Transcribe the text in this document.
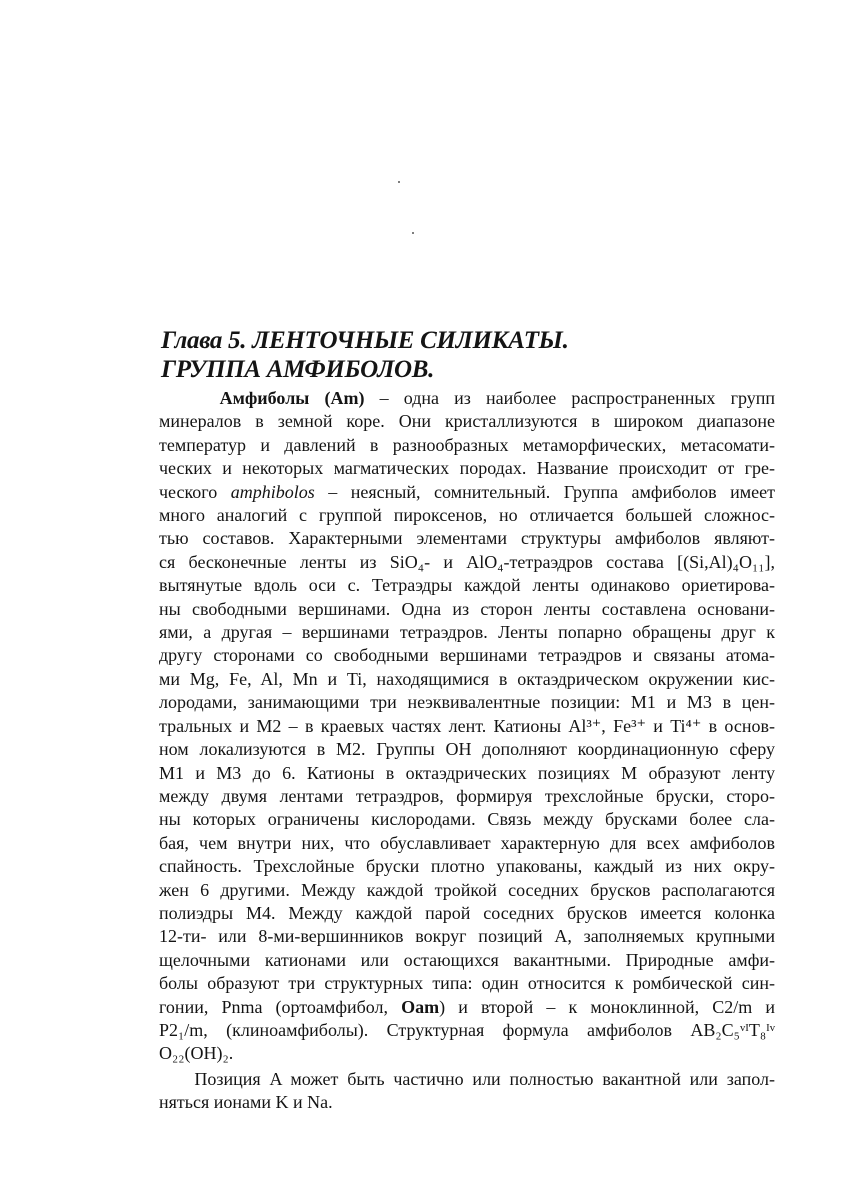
Глава 5. ЛЕНТОЧНЫЕ СИЛИКАТЫ.
ГРУППА АМФИБОЛОВ.

Амфиболы (Am) – одна из наиболее распространенных групп
минералов в земной коре. Они кристаллизуются в широком диапазоне
температур и давлений в разнообразных метаморфических, метасомати-
ческих и некоторых магматических породах. Название происходит от гре-
ческого amphibolos – неясный, сомнительный. Группа амфиболов имеет
много аналогий с группой пироксенов, но отличается большей сложнос-
тью составов. Характерными элементами структуры амфиболов являют-
ся бесконечные ленты из SiO₄- и AlO₄-тетраэдров состава [(Si,Al)₄O₁₁],
вытянутые вдоль оси c. Тетраэдры каждой ленты одинаково ориетирова-
ны свободными вершинами. Одна из сторон ленты составлена основани-
ями, а другая – вершинами тетраэдров. Ленты попарно обращены друг к
другу сторонами со свободными вершинами тетраэдров и связаны атома-
ми Mg, Fe, Al, Mn и Ti, находящимися в октаэдрическом окружении кис-
лородами, занимающими три неэквивалентные позиции: M1 и M3 в цен-
тральных и M2 – в краевых частях лент. Катионы Al³⁺, Fe³⁺ и Ti⁴⁺ в основ-
ном локализуются в M2. Группы OH дополняют координационную сферу
M1 и M3 до 6. Катионы в октаэдрических позициях M образуют ленту
между двумя лентами тетраэдров, формируя трехслойные бруски, сторо-
ны которых ограничены кислородами. Связь между брусками более сла-
бая, чем внутри них, что обуславливает характерную для всех амфиболов
спайность. Трехслойные бруски плотно упакованы, каждый из них окру-
жен 6 другими. Между каждой тройкой соседних брусков располагаются
полиэдры M4. Между каждой парой соседних брусков имеется колонка
12-ти- или 8-ми-вершинников вокруг позиций A, заполняемых крупными
щелочными катионами или остающихся вакантными. Природные амфи-
болы образуют три структурных типа: один относится к ромбической син-
гонии, Pnma (ортоамфибол, Oam) и второй – к моноклинной, C2/m и
P2₁/m, (клиноамфиболы). Структурная формула амфиболов AB₂C₅ᵛᴵT₈ᴵᵛ
O₂₂(OH)₂.

Позиция A может быть частично или полностью вакантной или запол-
няться ионами K и Na.
